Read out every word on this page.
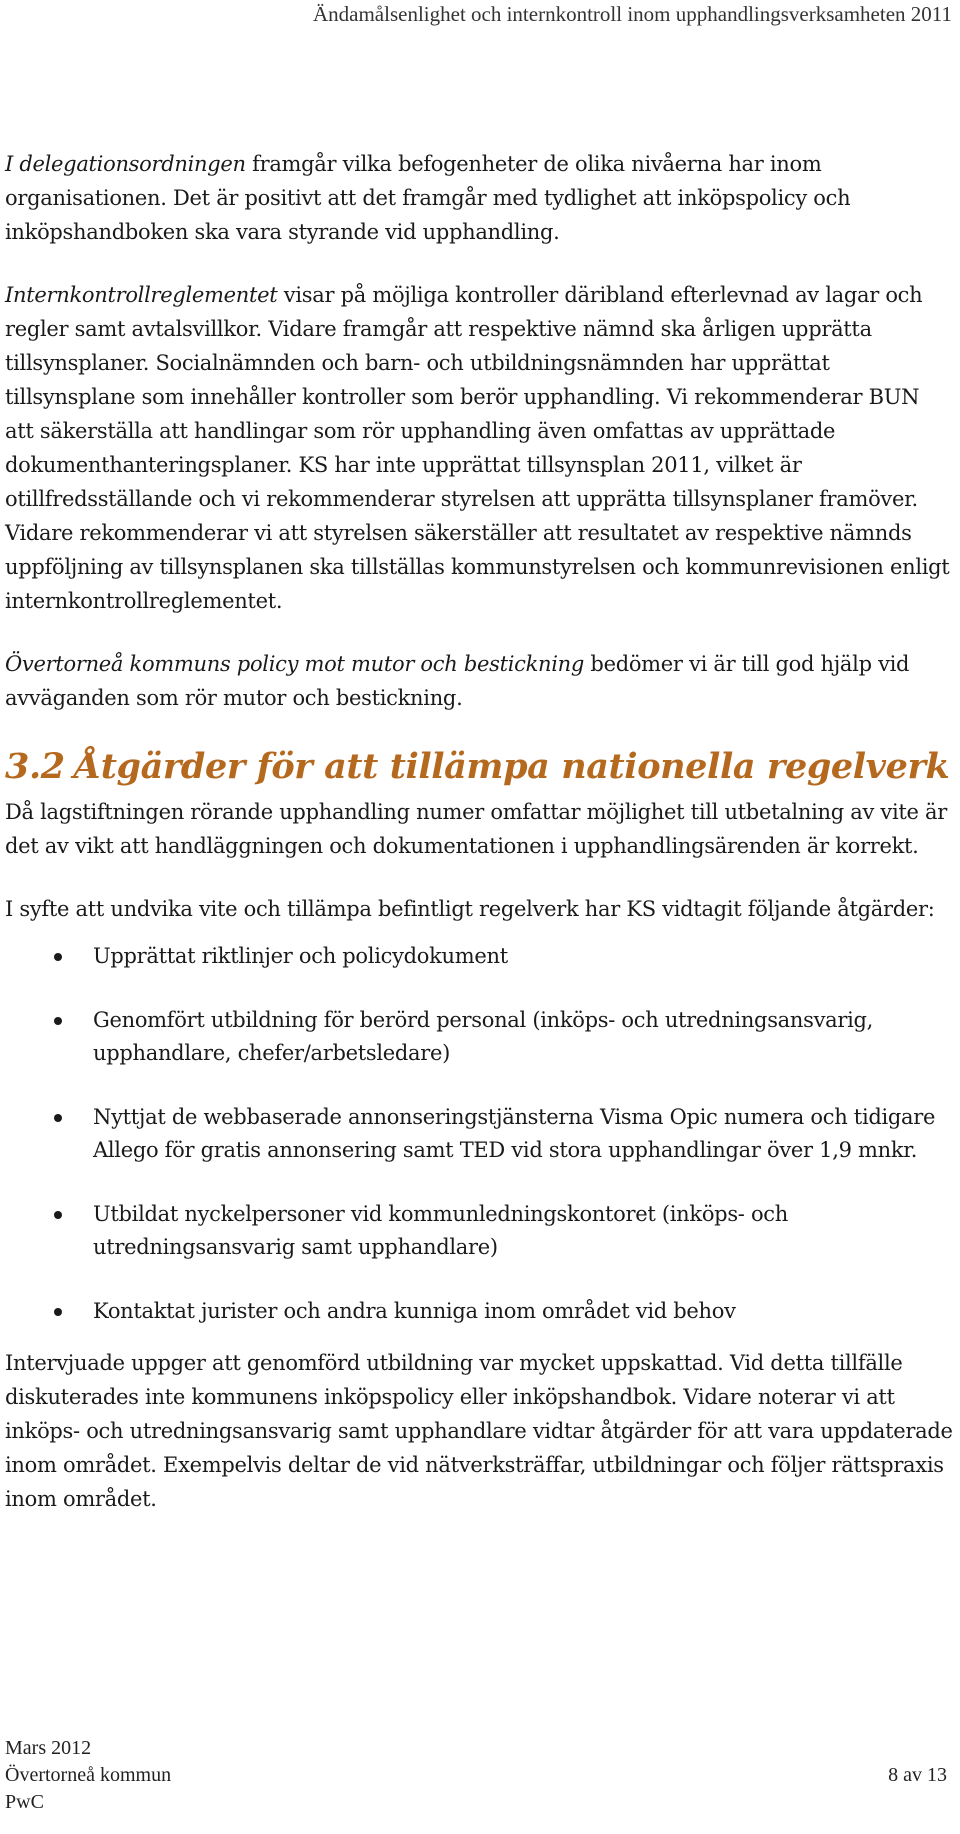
Ändamålsenlighet och internkontroll inom upphandlingsverksamheten 2011

I delegationsordningen framgår vilka befogenheter de olika nivåerna har inom organisationen. Det är positivt att det framgår med tydlighet att inköpspolicy och inköpshandboken ska vara styrande vid upphandling.

Internkontrollreglementet visar på möjliga kontroller däribland efterlevnad av lagar och regler samt avtalsvillkor. Vidare framgår att respektive nämnd ska årligen upprätta tillsynsplaner. Socialnämnden och barn- och utbildningsnämnden har upprättat tillsynsplane som innehåller kontroller som berör upphandling. Vi rekommenderar BUN att säkerställa att handlingar som rör upphandling även omfattas av upprättade dokumenthanteringsplaner. KS har inte upprättat tillsynsplan 2011, vilket är otillfredsställande och vi rekommenderar styrelsen att upprätta tillsynsplaner framöver. Vidare rekommenderar vi att styrelsen säkerställer att resultatet av respektive nämnds uppföljning av tillsynsplanen ska tillställas kommunstyrelsen och kommunrevisionen enligt internkontrollreglementet.

Övertorneå kommuns policy mot mutor och bestickning bedömer vi är till god hjälp vid avväganden som rör mutor och bestickning.

3.2 Åtgärder för att tillämpa nationella regelverk

Då lagstiftningen rörande upphandling numer omfattar möjlighet till utbetalning av vite är det av vikt att handläggningen och dokumentationen i upphandlingsärenden är korrekt.

I syfte att undvika vite och tillämpa befintligt regelverk har KS vidtagit följande åtgärder:

Upprättat riktlinjer och policydokument
Genomfört utbildning för berörd personal (inköps- och utredningsansvarig, upphandlare, chefer/arbetsledare)
Nyttjat de webbaserade annonseringstjänsterna Visma Opic numera och tidigare Allego för gratis annonsering samt TED vid stora upphandlingar över 1,9 mnkr.
Utbildat nyckelpersoner vid kommunledningskontoret (inköps- och utredningsansvarig samt upphandlare)
Kontaktat jurister och andra kunniga inom området vid behov

Intervjuade uppger att genomförd utbildning var mycket uppskattad. Vid detta tillfälle diskuterades inte kommunens inköpspolicy eller inköpshandbok. Vidare noterar vi att inköps- och utredningsansvarig samt upphandlare vidtar åtgärder för att vara uppdaterade inom området. Exempelvis deltar de vid nätverksträffar, utbildningar och följer rättspraxis inom området.

Mars 2012
Övertorneå kommun
PwC
8 av 13
